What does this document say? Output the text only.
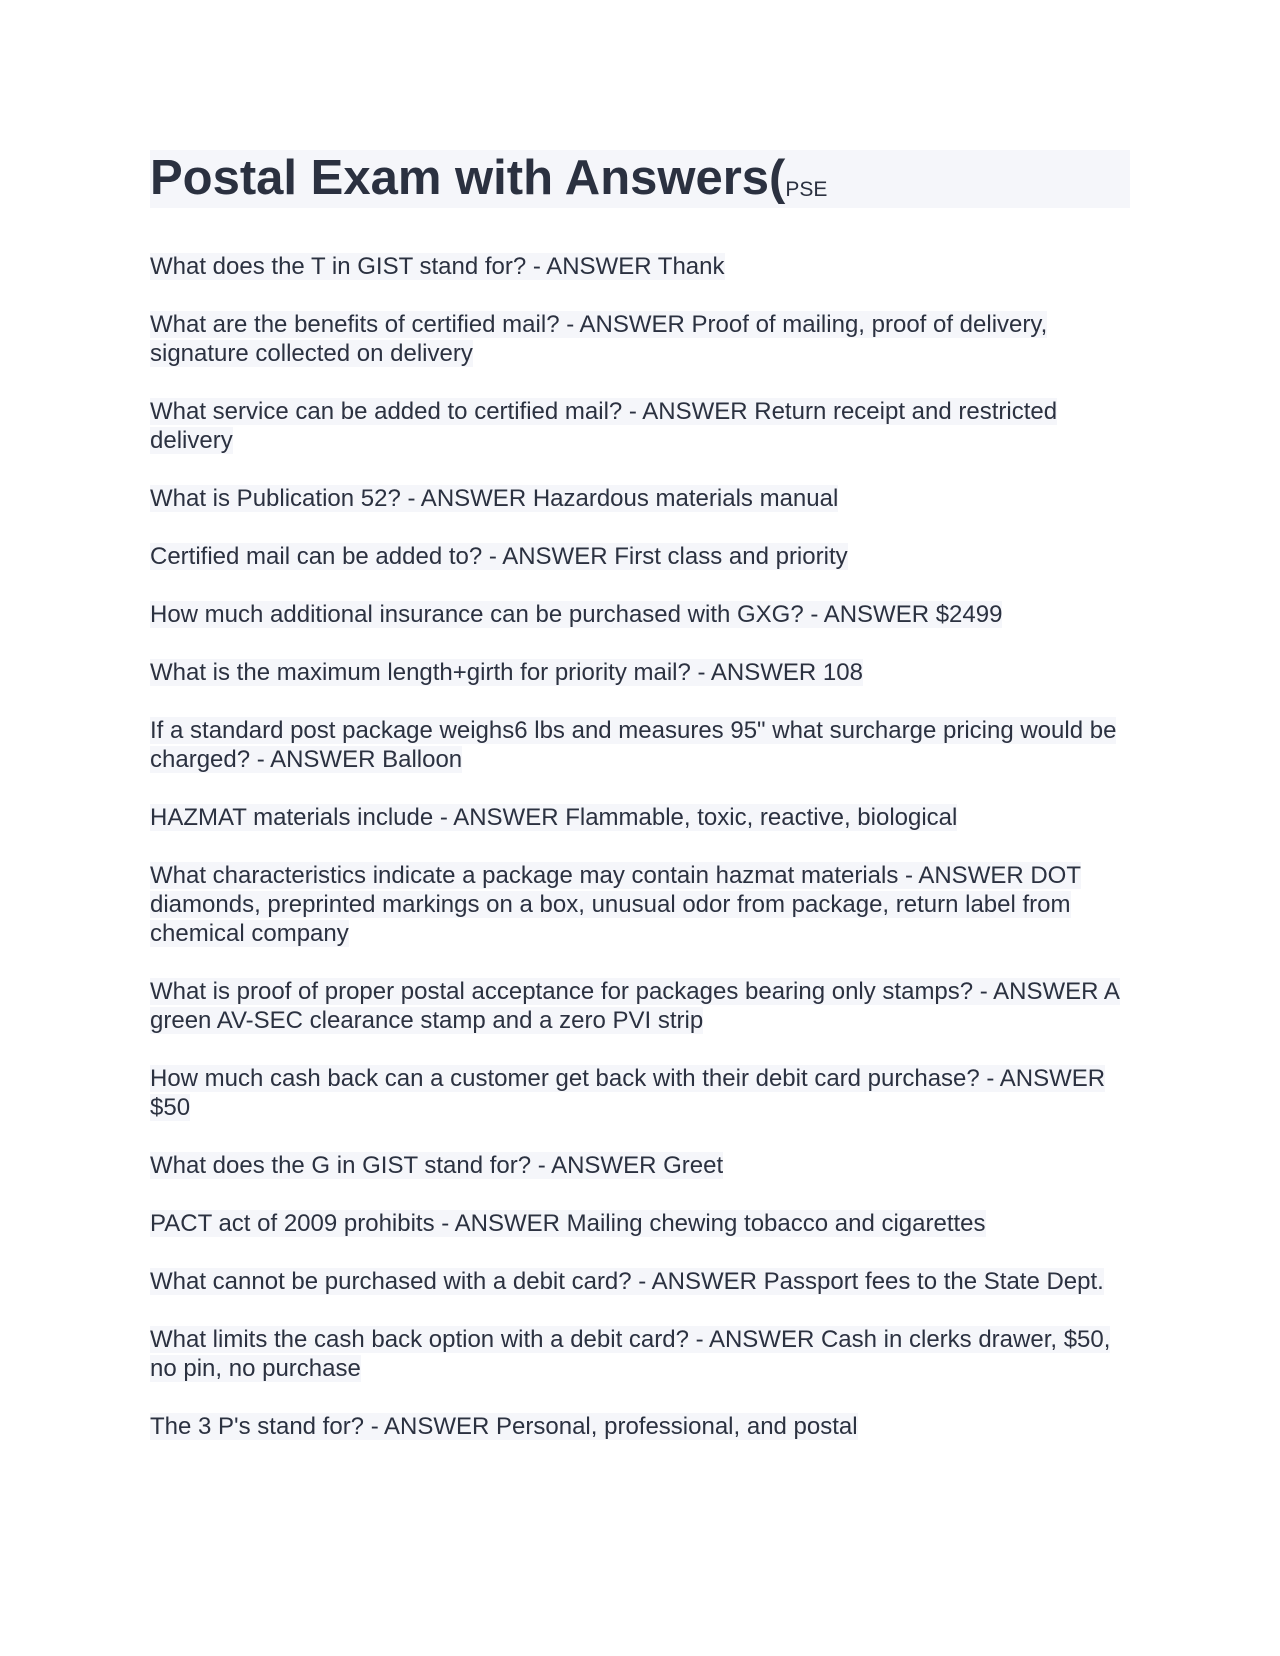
Postal Exam with Answers( PSE
What does the T in GIST stand for? - ANSWER Thank
What are the benefits of certified mail? - ANSWER Proof of mailing, proof of delivery, signature collected on delivery
What service can be added to certified mail? - ANSWER Return receipt and restricted delivery
What is Publication 52? - ANSWER Hazardous materials manual
Certified mail can be added to? - ANSWER First class and priority
How much additional insurance can be purchased with GXG? - ANSWER $2499
What is the maximum length+girth for priority mail? - ANSWER 108
If a standard post package weighs6 lbs and measures 95" what surcharge pricing would be charged? - ANSWER Balloon
HAZMAT materials include - ANSWER Flammable, toxic, reactive, biological
What characteristics indicate a package may contain hazmat materials - ANSWER DOT diamonds, preprinted markings on a box, unusual odor from package, return label from chemical company
What is proof of proper postal acceptance for packages bearing only stamps? - ANSWER A green AV-SEC clearance stamp and a zero PVI strip
How much cash back can a customer get back with their debit card purchase? - ANSWER $50
What does the G in GIST stand for? - ANSWER Greet
PACT act of 2009 prohibits - ANSWER Mailing chewing tobacco and cigarettes
What cannot be purchased with a debit card? - ANSWER Passport fees to the State Dept.
What limits the cash back option with a debit card? - ANSWER Cash in clerks drawer, $50, no pin, no purchase
The 3 P's stand for? - ANSWER Personal, professional, and postal
